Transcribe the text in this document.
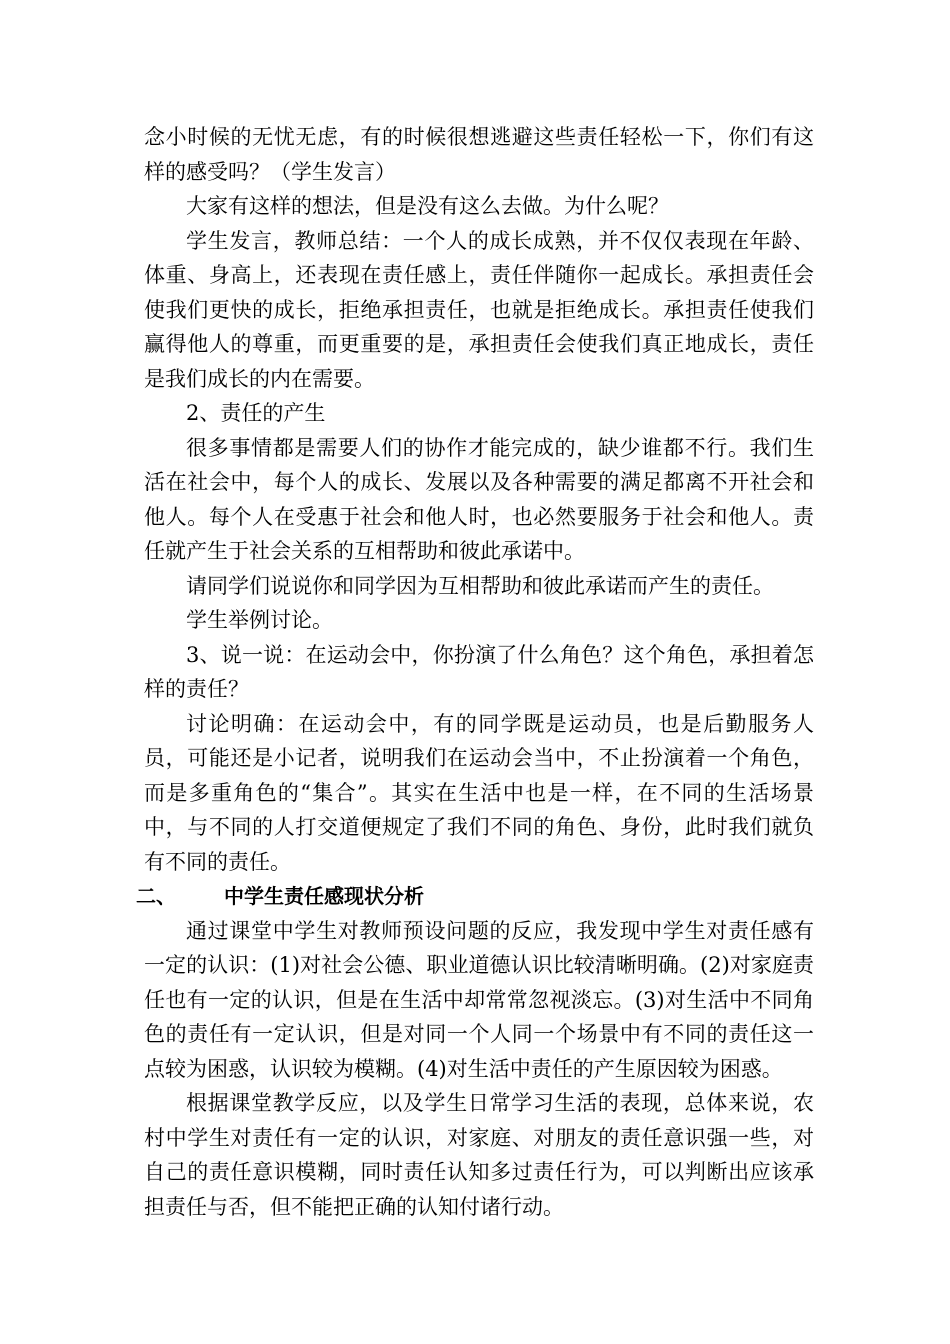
念小时候的无忧无虑，有的时候很想逃避这些责任轻松一下，你们有这样的感受吗？（学生发言）

大家有这样的想法，但是没有这么去做。为什么呢？

学生发言，教师总结：一个人的成长成熟，并不仅仅表现在年龄、体重、身高上，还表现在责任感上，责任伴随你一起成长。承担责任会使我们更快的成长，拒绝承担责任，也就是拒绝成长。承担责任使我们赢得他人的尊重，而更重要的是，承担责任会使我们真正地成长，责任是我们成长的内在需要。

2、责任的产生

很多事情都是需要人们的协作才能完成的，缺少谁都不行。我们生活在社会中，每个人的成长、发展以及各种需要的满足都离不开社会和他人。每个人在受惠于社会和他人时，也必然要服务于社会和他人。责任就产生于社会关系的互相帮助和彼此承诺中。

请同学们说说你和同学因为互相帮助和彼此承诺而产生的责任。

学生举例讨论。

3、说一说：在运动会中，你扮演了什么角色？这个角色，承担着怎样的责任？

讨论明确：在运动会中，有的同学既是运动员，也是后勤服务人员，可能还是小记者，说明我们在运动会当中，不止扮演着一个角色，而是多重角色的“集合”。其实在生活中也是一样，在不同的生活场景中，与不同的人打交道便规定了我们不同的角色、身份，此时我们就负有不同的责任。

二、 中学生责任感现状分析

通过课堂中学生对教师预设问题的反应，我发现中学生对责任感有一定的认识：(1)对社会公德、职业道德认识比较清晰明确。(2)对家庭责任也有一定的认识，但是在生活中却常常忽视淡忘。(3)对生活中不同角色的责任有一定认识，但是对同一个人同一个场景中有不同的责任这一点较为困惑，认识较为模糊。(4)对生活中责任的产生原因较为困惑。

根据课堂教学反应，以及学生日常学习生活的表现，总体来说，农村中学生对责任有一定的认识，对家庭、对朋友的责任意识强一些，对自己的责任意识模糊，同时责任认知多过责任行为，可以判断出应该承担责任与否，但不能把正确的认知付诸行动。
